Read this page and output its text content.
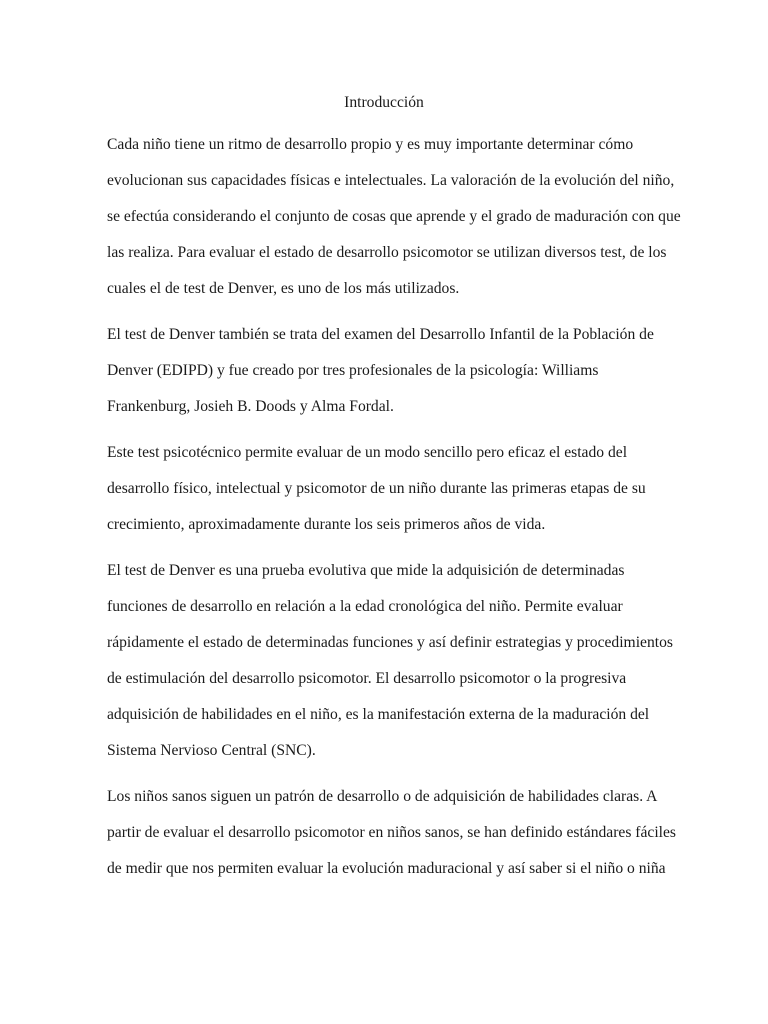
Introducción
Cada niño tiene un ritmo de desarrollo propio y es muy importante determinar cómo
evolucionan sus capacidades físicas e intelectuales. La valoración de la evolución del niño,
se efectúa considerando el conjunto de cosas que aprende y el grado de maduración con que
las realiza. Para evaluar el estado de desarrollo psicomotor se utilizan diversos test, de los
cuales el de test de Denver, es uno de los más utilizados.
El test de Denver también se trata del examen del Desarrollo Infantil de la Población de
Denver (EDIPD) y fue creado por tres profesionales de la psicología: Williams
Frankenburg, Josieh B. Doods y Alma Fordal.
Este test psicotécnico permite evaluar de un modo sencillo pero eficaz el estado del
desarrollo físico, intelectual y psicomotor de un niño durante las primeras etapas de su
crecimiento, aproximadamente durante los seis primeros años de vida.
El test de Denver es una prueba evolutiva que mide la adquisición de determinadas
funciones de desarrollo en relación a la edad cronológica del niño. Permite evaluar
rápidamente el estado de determinadas funciones y así definir estrategias y procedimientos
de estimulación del desarrollo psicomotor. El desarrollo psicomotor o la progresiva
adquisición de habilidades en el niño, es la manifestación externa de la maduración del
Sistema Nervioso Central (SNC).
Los niños sanos siguen un patrón de desarrollo o de adquisición de habilidades claras. A
partir de evaluar el desarrollo psicomotor en niños sanos, se han definido estándares fáciles
de medir que nos permiten evaluar la evolución maduracional y así saber si el niño o niña
